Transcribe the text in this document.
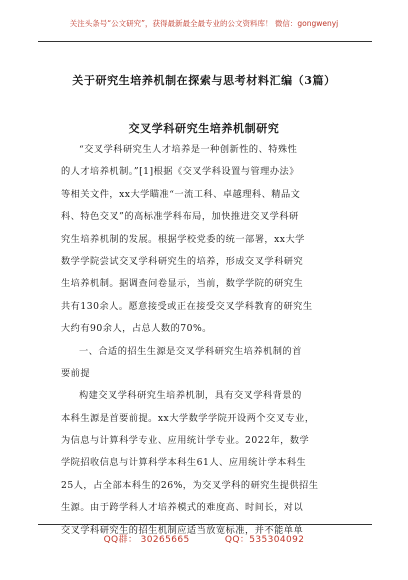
关注头条号“公文研究”，获得最新最全最专业的公文资料库！ 微信：gongwenyj
关于研究生培养机制在探索与思考材料汇编（3篇）
交叉学科研究生培养机制研究
“交叉学科研究生人才培养是一种创新性的、特殊性
的人才培养机制。”[1]根据《交叉学科设置与管理办法》
等相关文件，xx大学瞄准“一流工科、卓越理科、精品文
科、特色交叉”的高标准学科布局，加快推进交叉学科研
究生培养机制的发展。根据学校党委的统一部署，xx大学
数学学院尝试交叉学科研究生的培养，形成交叉学科研究
生培养机制。据调查问卷显示，当前，数学学院的研究生
共有130余人。愿意接受或正在接受交叉学科教育的研究生
大约有90余人，占总人数的70%。
一、合适的招生生源是交叉学科研究生培养机制的首
要前提
构建交叉学科研究生培养机制，具有交叉学科背景的
本科生源是首要前提。xx大学数学学院开设两个交叉专业，
为信息与计算科学专业、应用统计学专业。2022年，数学
学院招收信息与计算科学本科生61人、应用统计学本科生
25人，占全部本科生的26%，为交叉学科的研究生提供招生
生源。由于跨学科人才培养模式的难度高、时间长，对以
交叉学科研究生的招生机制应适当放宽标准，并不能单单
QQ群： 30265665	QQ：535304092
